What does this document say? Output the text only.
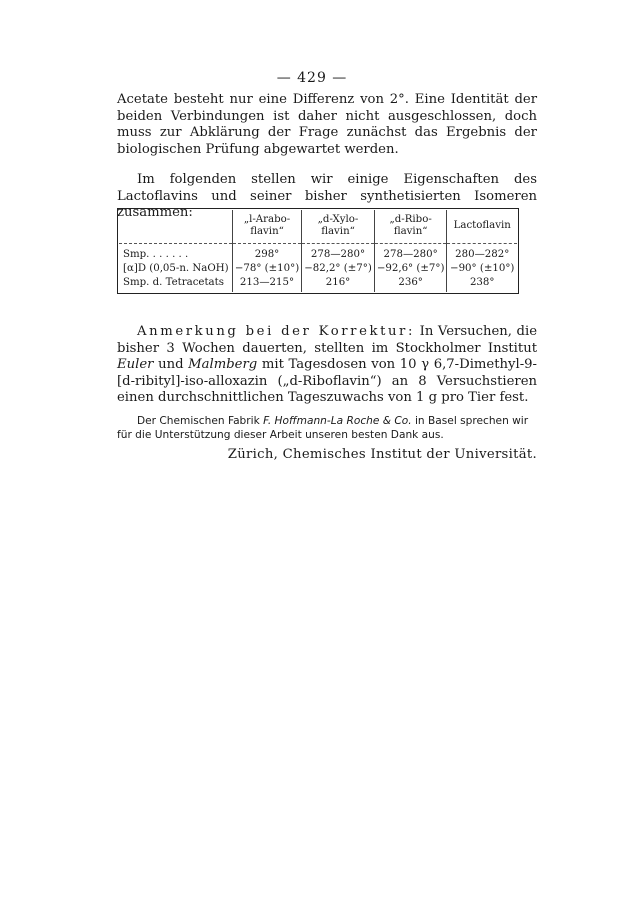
— 429 —
Acetate besteht nur eine Differenz von 2°. Eine Identität der beiden Verbindungen ist daher nicht ausgeschlossen, doch muss zur Abklärung der Frage zunächst das Ergebnis der biologischen Prüfung abgewartet werden.
Im folgenden stellen wir einige Eigenschaften des Lactoflavins und seiner bisher synthetisierten Isomeren zusammen:
		„l-Arabo-flavin“	„d-Xylo-flavin“	„d-Ribo-flavin“	Lactoflavin
Smp. . . . . . .	298°	278—280°	278—280°	280—282°
[α]D (0,05-n. NaOH)	−78° (±10°)	−82,2° (±7°)	−92,6° (±7°)	−90° (±10°)
Smp. d. Tetracetats	213—215°	216°	236°	238°
Anmerkung bei der Korrektur: In Versuchen, die bisher 3 Wochen dauerten, stellten im Stockholmer Institut Euler und Malmberg mit Tagesdosen von 10 γ 6,7-Dimethyl-9-[d-ribityl]-iso-alloxazin („d-Riboflavin“) an 8 Versuchstieren einen durchschnittlichen Tageszuwachs von 1 g pro Tier fest.
Der Chemischen Fabrik F. Hoffmann-La Roche & Co. in Basel sprechen wir für die Unterstützung dieser Arbeit unseren besten Dank aus.
Zürich, Chemisches Institut der Universität.
